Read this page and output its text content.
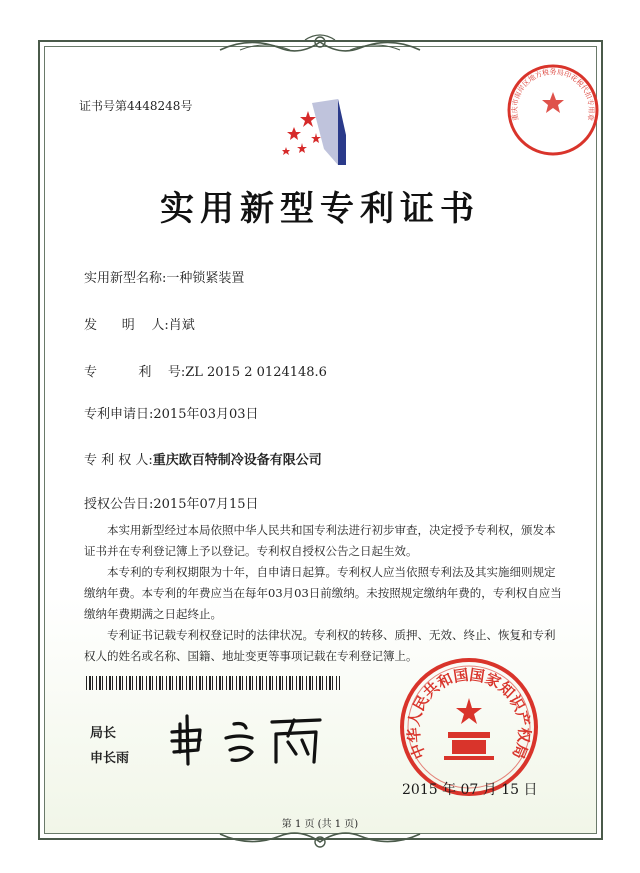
证书号第4448248号
实用新型专利证书
实用新型名称:一种锁紧装置
发      明    人:肖斌
专          利    号:ZL 2015 2 0124148.6
专利申请日:2015年03月03日
专 利 权 人:重庆欧百特制冷设备有限公司
授权公告日:2015年07月15日

本实用新型经过本局依照中华人民共和国专利法进行初步审查，决定授予专利权，颁发本证书并在专利登记簿上予以登记。专利权自授权公告之日起生效。

本专利的专利权期限为十年，自申请日起算。专利权人应当依照专利法及其实施细则规定缴纳年费。本专利的年费应当在每年03月03日前缴纳。未按照规定缴纳年费的，专利权自应当缴纳年费期满之日起终止。

专利证书记载专利权登记时的法律状况。专利权的转移、质押、无效、终止、恢复和专利权人的姓名或名称、国籍、地址变更等事项记载在专利登记簿上。

局长
申长雨	中华人民共和国国家知识产权局
2015 年 07 月 15 日
重庆市南岸区地方税务局印花税代扣专用章
第 1 页 (共 1 页)
